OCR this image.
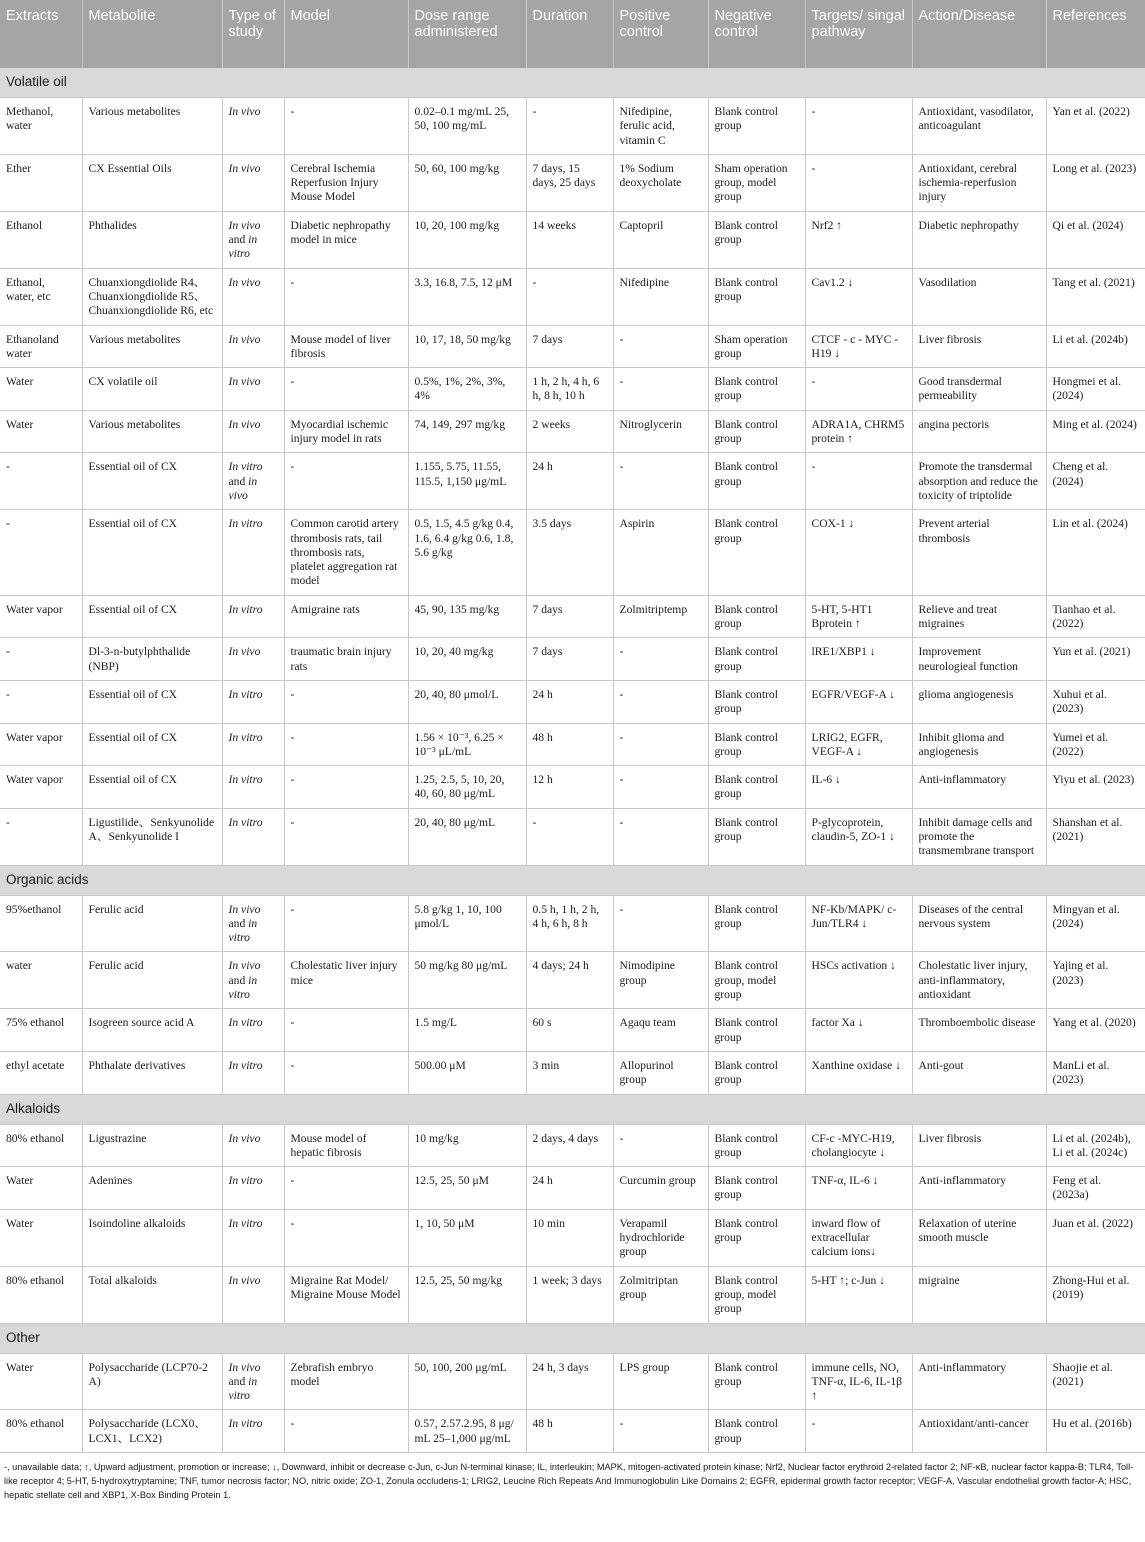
Extracts	Metabolite	Type of study	Model	Dose range administered	Duration	Positive control	Negative control	Targets/ singal pathway	Action/Disease	References
Volatile oil										
Methanol, water	Various metabolites	In vivo	-	0.02–0.1 mg/mL 25, 50, 100 mg/mL	-	Nifedipine, ferulic acid, vitamin C	Blank control group	-	Antioxidant, vasodilator, anticoagulant	Yan et al. (2022)
Ether	CX Essential Oils	In vivo	Cerebral Ischemia Reperfusion Injury Mouse Model	50, 60, 100 mg/kg	7 days, 15 days, 25 days	1% Sodium deoxycholate	Sham operation group, model group	-	Antioxidant, cerebral ischemia-reperfusion injury	Long et al. (2023)
Ethanol	Phthalides	In vivo and in vitro	Diabetic nephropathy model in mice	10, 20, 100 mg/kg	14 weeks	Captopril	Blank control group	Nrf2 ↑	Diabetic nephropathy	Qi et al. (2024)
Ethanol, water, etc	Chuanxiongdiolide R4、Chuanxiongdiolide R5、Chuanxiongdiolide R6, etc	In vivo	-	3.3, 16.8, 7.5, 12 μM	-	Nifedipine	Blank control group	Cav1.2 ↓	Vasodilation	Tang et al. (2021)
Ethanoland water	Various metabolites	In vivo	Mouse model of liver fibrosis	10, 17, 18, 50 mg/kg	7 days	-	Sham operation group	CTCF - c - MYC - H19 ↓	Liver fibrosis	Li et al. (2024b)
Water	CX volatile oil	In vivo	-	0.5%, 1%, 2%, 3%, 4%	1 h, 2 h, 4 h, 6 h, 8 h, 10 h	-	Blank control group	-	Good transdermal permeability	Hongmei et al. (2024)
Water	Various metabolites	In vivo	Myocardial ischemic injury model in rats	74, 149, 297 mg/kg	2 weeks	Nitroglycerin	Blank control group	ADRA1A, CHRM5 protein ↑	angina pectoris	Ming et al. (2024)
-	Essential oil of CX	In vitro and in vivo	-	1.155, 5.75, 11.55, 115.5, 1,150 μg/mL	24 h	-	Blank control group	-	Promote the transdermal absorption and reduce the toxicity of triptolide	Cheng et al. (2024)
-	Essential oil of CX	In vitro	Common carotid artery thrombosis rats, tail thrombosis rats, platelet aggregation rat model	0.5, 1.5, 4.5 g/kg 0.4, 1.6, 6.4 g/kg 0.6, 1.8, 5.6 g/kg	3.5 days	Aspirin	Blank control group	COX-1 ↓	Prevent arterial thrombosis	Lin et al. (2024)
Water vapor	Essential oil of CX	In vitro	Amigraine rats	45, 90, 135 mg/kg	7 days	Zolmitriptemp	Blank control group	5-HT, 5-HT1 Bprotein ↑	Relieve and treat migraines	Tianhao et al. (2022)
-	Dl-3-n-butylphthalide (NBP)	In vivo	traumatic brain injury rats	10, 20, 40 mg/kg	7 days	-	Blank control group	lRE1/XBP1 ↓	Improvement neurologieal function	Yun et al. (2021)
-	Essential oil of CX	In vitro	-	20, 40, 80 μmol/L	24 h	-	Blank control group	EGFR/VEGF-A ↓	glioma angiogenesis	Xuhui et al. (2023)
Water vapor	Essential oil of CX	In vitro	-	1.56 × 10⁻³, 6.25 × 10⁻³ μL/mL	48 h	-	Blank control group	LRIG2, EGFR, VEGF-A ↓	Inhibit glioma and angiogenesis	Yumei et al. (2022)
Water vapor	Essential oil of CX	In vitro	-	1.25, 2.5, 5, 10, 20, 40, 60, 80 μg/mL	12 h	-	Blank control group	IL-6 ↓	Anti-inflammatory	Yiyu et al. (2023)
-	Ligustilide、Senkyunolide A、Senkyunolide I	In vitro	-	20, 40, 80 μg/mL	-	-	Blank control group	P-glycoprotein, claudin-5, ZO-1 ↓	Inhibit damage cells and promote the transmembrane transport	Shanshan et al. (2021)
Organic acids										
95%ethanol	Ferulic acid	In vivo and in vitro	-	5.8 g/kg 1, 10, 100 μmol/L	0.5 h, 1 h, 2 h, 4 h, 6 h, 8 h	-	Blank control group	NF-Kb/MAPK/ c-Jun/TLR4 ↓	Diseases of the central nervous system	Mingyan et al. (2024)
water	Ferulic acid	In vivo and in vitro	Cholestatic liver injury mice	50 mg/kg 80 μg/mL	4 days; 24 h	Nimodipine group	Blank control group, model group	HSCs activation ↓	Cholestatic liver injury, anti-inflammatory, antioxidant	Yajing et al. (2023)
75% ethanol	Isogreen source acid A	In vitro	-	1.5 mg/L	60 s	Agaqu team	Blank control group	factor Xa ↓	Thromboembolic disease	Yang et al. (2020)
ethyl acetate	Phthalate derivatives	In vitro	-	500.00 μM	3 min	Allopurinol group	Blank control group	Xanthine oxidase ↓	Anti-gout	ManLi et al. (2023)
Alkaloids										
80% ethanol	Ligustrazine	In vivo	Mouse model of hepatic fibrosis	10 mg/kg	2 days, 4 days	-	Blank control group	CF-c -MYC-H19, cholangiocyte ↓	Liver fibrosis	Li et al. (2024b), Li et al. (2024c)
Water	Adenines	In vitro	-	12.5, 25, 50 μM	24 h	Curcumin group	Blank control group	TNF-α, IL-6 ↓	Anti-inflammatory	Feng et al. (2023a)
Water	Isoindoline alkaloids	In vitro	-	1, 10, 50 μM	10 min	Verapamil hydrochloride group	Blank control group	inward flow of extracellular calcium ions↓	Relaxation of uterine smooth muscle	Juan et al. (2022)
80% ethanol	Total alkaloids	In vivo	Migraine Rat Model/ Migraine Mouse Model	12.5, 25, 50 mg/kg	1 week; 3 days	Zolmitriptan group	Blank control group, model group	5-HT ↑; c-Jun ↓	migraine	Zhong-Hui et al. (2019)
Other										
Water	Polysaccharide (LCP70-2 A)	In vivo and in vitro	Zebrafish embryo model	50, 100, 200 μg/mL	24 h, 3 days	LPS group	Blank control group	immune cells, NO, TNF-α, IL-6, IL-1β ↑	Anti-inflammatory	Shaojie et al. (2021)
80% ethanol	Polysaccharide (LCX0、LCX1、LCX2)	In vitro	-	0.57, 2.57.2.95, 8 μg/ mL 25–1,000 μg/mL	48 h	-	Blank control group	-	Antioxidant/anti-cancer	Hu et al. (2016b)
-, unavailable data; ↑, Upward adjustment, promotion or increase; ↓, Downward, inhibit or decrease c-Jun, c-Jun N-terminal kinase; IL, interleukin; MAPK, mitogen-activated protein kinase; Nrf2, Nuclear factor erythroid 2-related factor 2; NF-κB, nuclear factor kappa-B; TLR4, Toll-like receptor 4; 5-HT, 5-hydroxytryptamine; TNF, tumor necrosis factor; NO, nitric oxide; ZO-1, Zonula occludens-1; LRIG2, Leucine Rich Repeats And Immunoglobulin Like Domains 2; EGFR, epidermal growth factor receptor; VEGF-A, Vascular endothelial growth factor-A; HSC, hepatic stellate cell and XBP1, X-Box Binding Protein 1.
